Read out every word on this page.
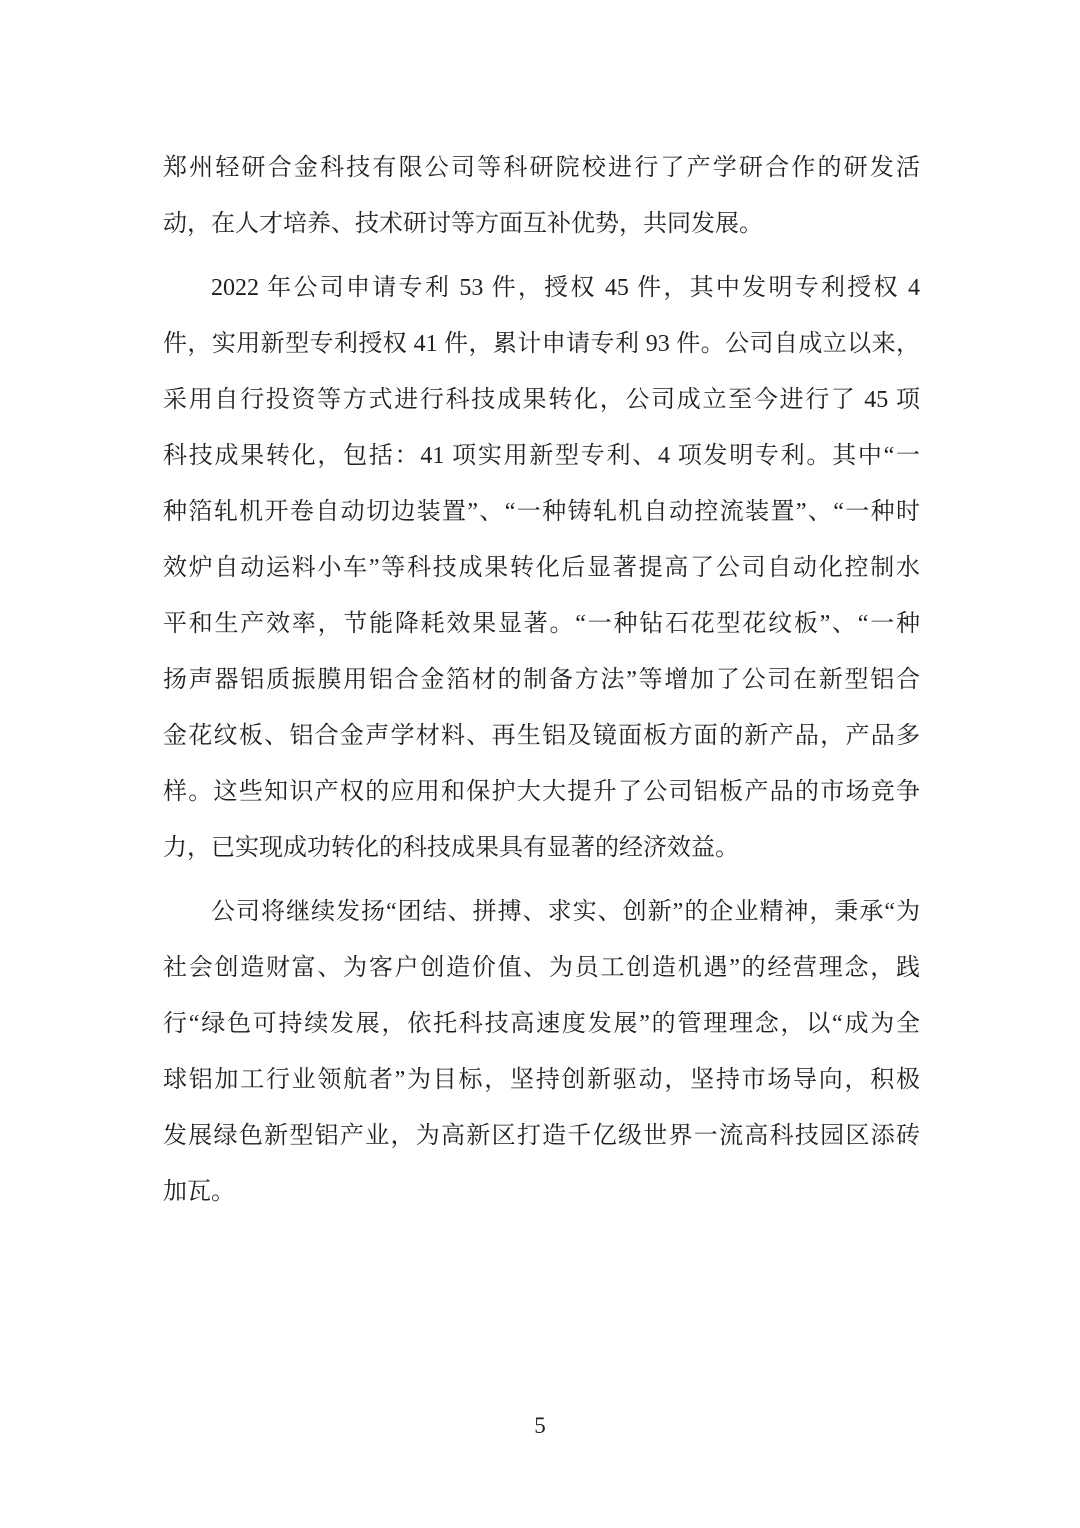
郑州轻研合金科技有限公司等科研院校进行了产学研合作的研发活
动，在人才培养、技术研讨等方面互补优势，共同发展。
2022 年公司申请专利 53 件，授权 45 件，其中发明专利授权 4
件，实用新型专利授权 41 件，累计申请专利 93 件。公司自成立以来，
采用自行投资等方式进行科技成果转化，公司成立至今进行了 45 项
科技成果转化，包括：41 项实用新型专利、4 项发明专利。其中“一
种箔轧机开卷自动切边装置”、“一种铸轧机自动控流装置”、“一种时
效炉自动运料小车”等科技成果转化后显著提高了公司自动化控制水
平和生产效率，节能降耗效果显著。“一种钻石花型花纹板”、“一种
扬声器铝质振膜用铝合金箔材的制备方法”等增加了公司在新型铝合
金花纹板、铝合金声学材料、再生铝及镜面板方面的新产品，产品多
样。这些知识产权的应用和保护大大提升了公司铝板产品的市场竞争
力，已实现成功转化的科技成果具有显著的经济效益。
公司将继续发扬“团结、拼搏、求实、创新”的企业精神，秉承“为
社会创造财富、为客户创造价值、为员工创造机遇”的经营理念，践
行“绿色可持续发展，依托科技高速度发展”的管理理念，以“成为全
球铝加工行业领航者”为目标，坚持创新驱动，坚持市场导向，积极
发展绿色新型铝产业，为高新区打造千亿级世界一流高科技园区添砖
加瓦。
5
